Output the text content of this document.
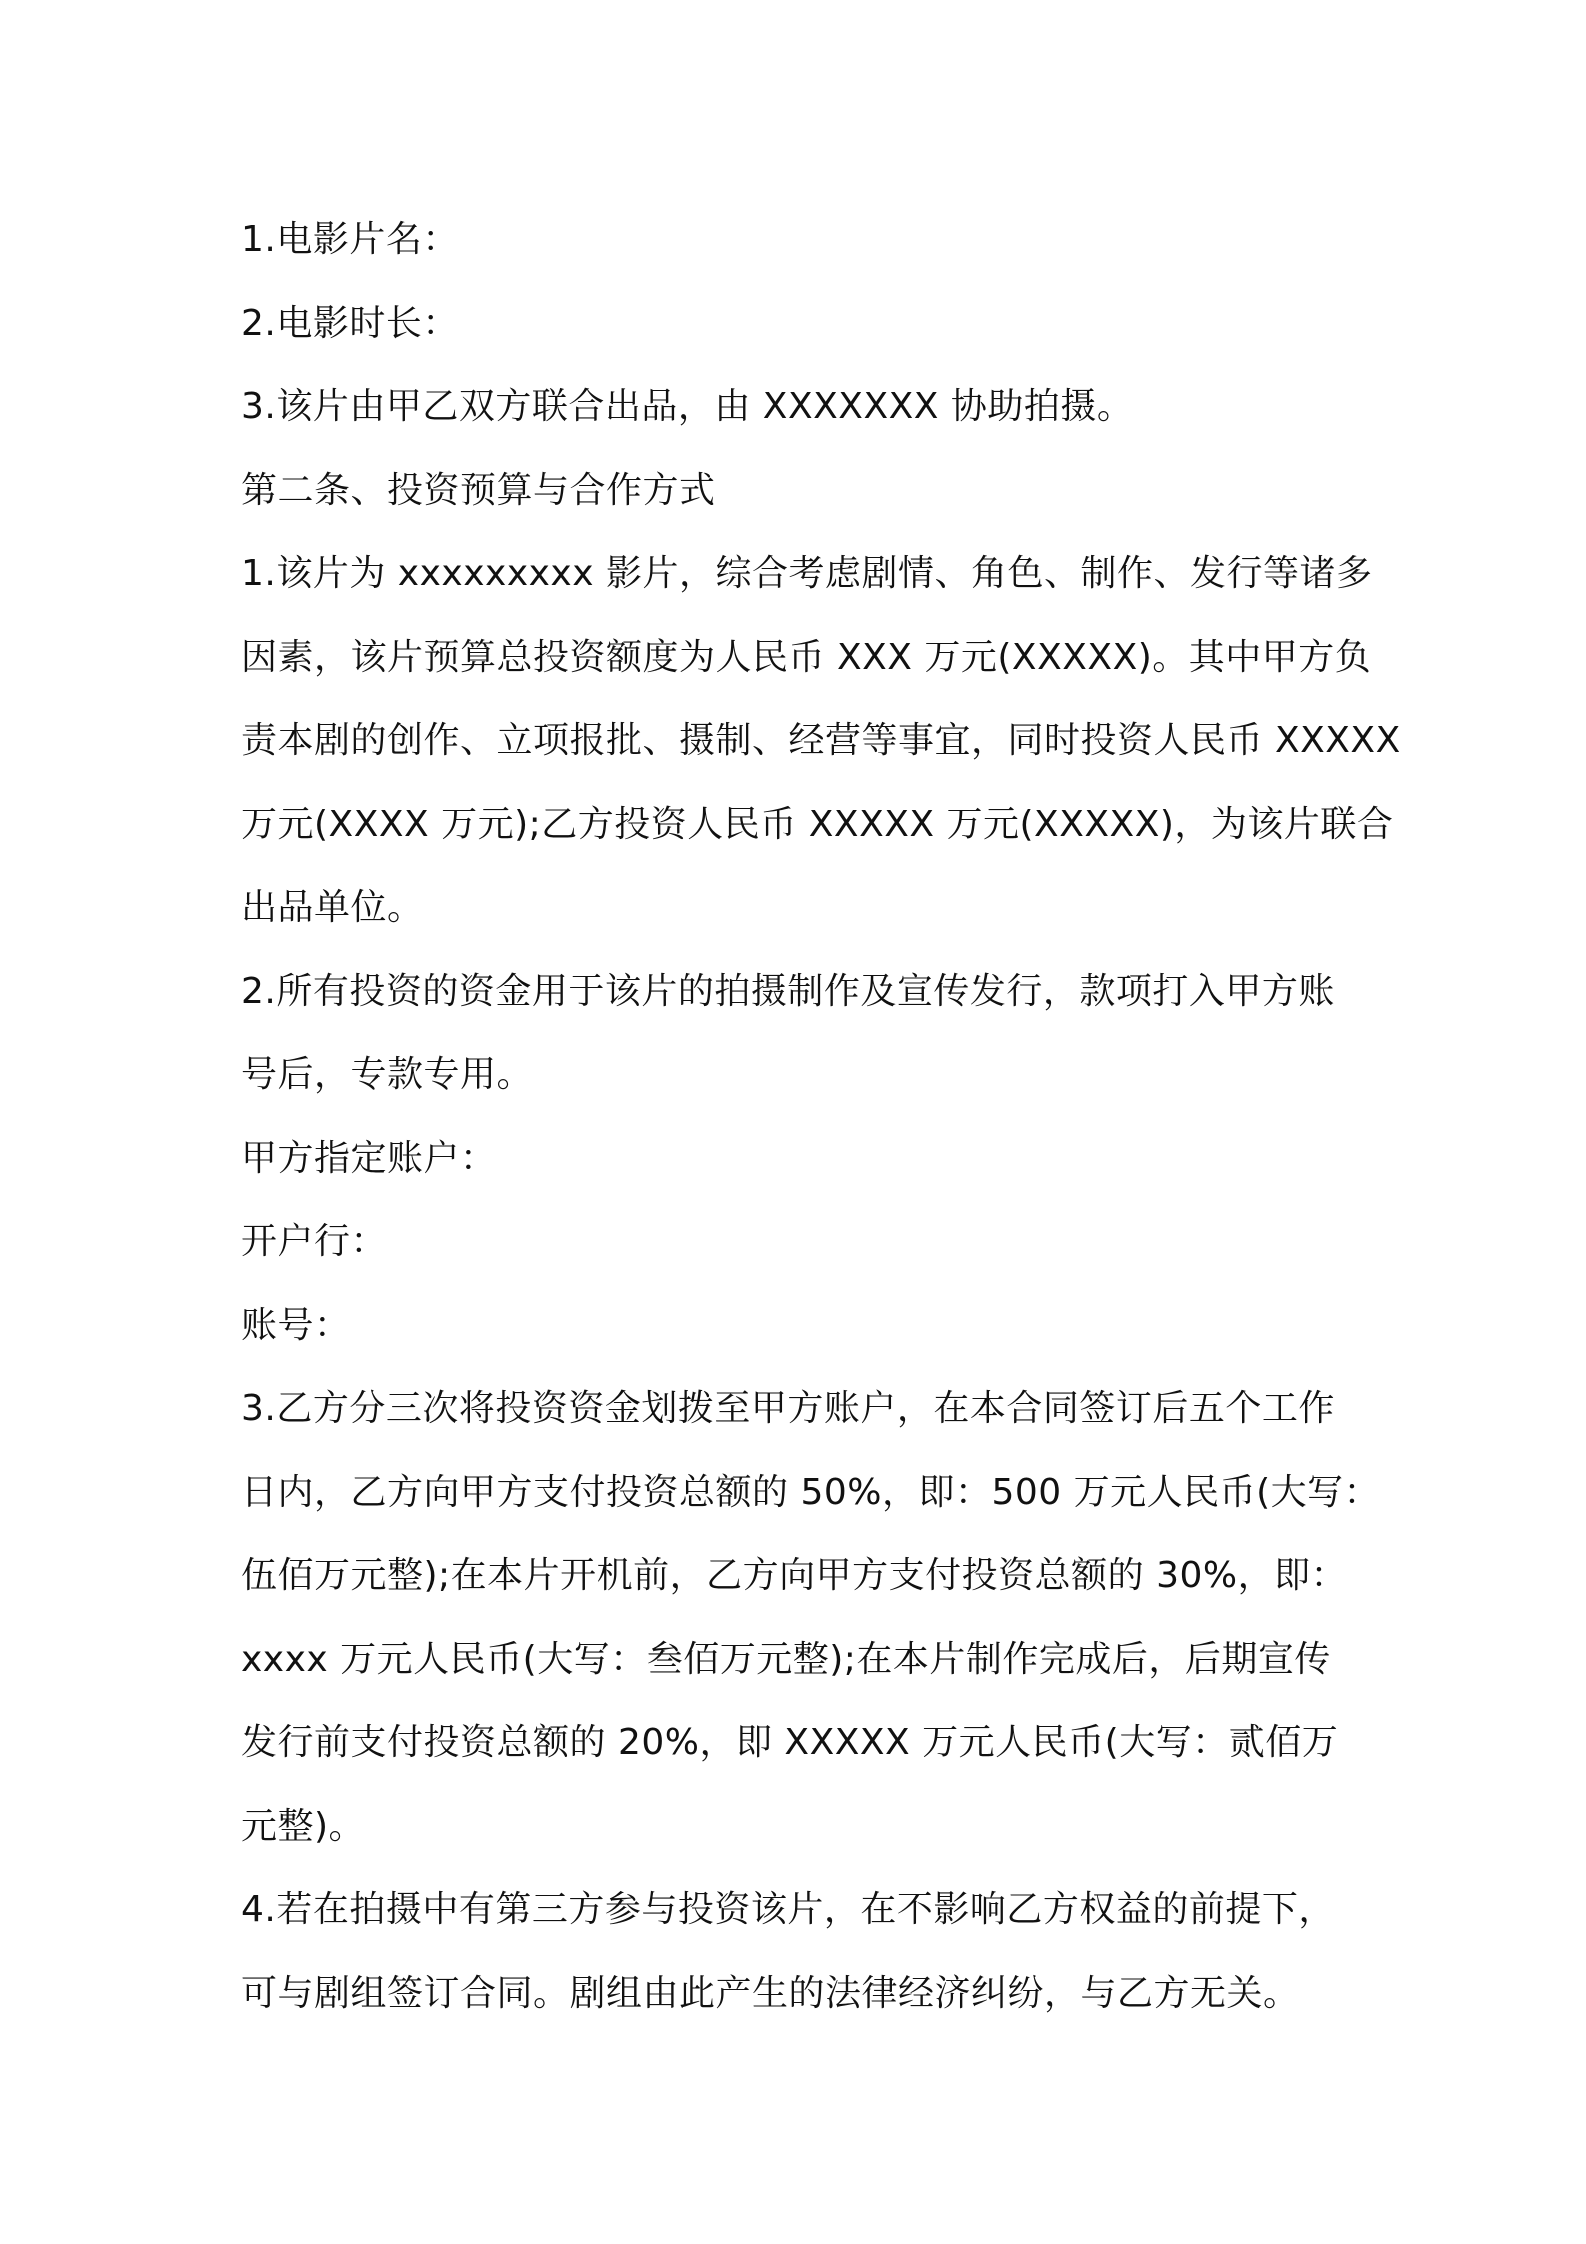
1.电影片名：

2.电影时长：

3.该片由甲乙双方联合出品，由 XXXXXXX 协助拍摄。

第二条、投资预算与合作方式

1.该片为 xxxxxxxxx 影片，综合考虑剧情、角色、制作、发行等诸多
因素，该片预算总投资额度为人民币 XXX 万元(XXXXX)。其中甲方负
责本剧的创作、立项报批、摄制、经营等事宜，同时投资人民币 XXXXX
万元(XXXX 万元);乙方投资人民币 XXXXX 万元(XXXXX)，为该片联合
出品单位。

2.所有投资的资金用于该片的拍摄制作及宣传发行，款项打入甲方账
号后，专款专用。

甲方指定账户：

开户行：

账号：

3.乙方分三次将投资资金划拨至甲方账户，在本合同签订后五个工作
日内，乙方向甲方支付投资总额的 50%，即：500 万元人民币(大写：
伍佰万元整);在本片开机前，乙方向甲方支付投资总额的 30%，即：
xxxx 万元人民币(大写：叁佰万元整);在本片制作完成后，后期宣传
发行前支付投资总额的 20%，即 XXXXX 万元人民币(大写：贰佰万
元整)。

4.若在拍摄中有第三方参与投资该片，在不影响乙方权益的前提下，
可与剧组签订合同。剧组由此产生的法律经济纠纷，与乙方无关。
